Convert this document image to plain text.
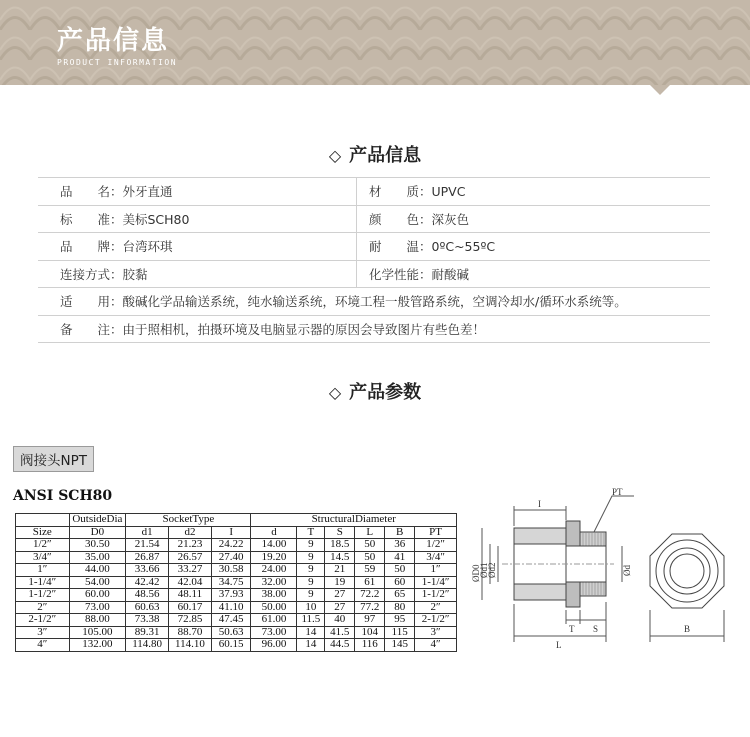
产品信息
PRODUCT INFORMATION
◇ 产品信息
品　　名：外牙直通	材　　质：UPVC
标　　准：美标SCH80	颜　　色：深灰色
品　　牌：台湾环琪	耐　　温：0ºC~55ºC
连接方式：胶黏	化学性能：耐酸碱
适　　用：酸碱化学品输送系统，纯水输送系统，环境工程一般管路系统，空调冷却水/循环水系统等。	
备　　注：由于照相机，拍摄环境及电脑显示器的原因会导致图片有些色差！	
◇ 产品参数
阀接头NPT
ANSI SCH80
	OutsideDia	SocketType			StructuralDiameter					
Size	D0	d1	d2	I	d	T	S	L	B	PT
1/2″	30.50	21.54	21.23	24.22	14.00	9	18.5	50	36	1/2″
3/4″	35.00	26.87	26.57	27.40	19.20	9	14.5	50	41	3/4″
1″	44.00	33.66	33.27	30.58	24.00	9	21	59	50	1″
1-1/4″	54.00	42.42	42.04	34.75	32.00	9	19	61	60	1-1/4″
1-1/2″	60.00	48.56	48.11	37.93	38.00	9	27	72.2	65	1-1/2″
2″	73.00	60.63	60.17	41.10	50.00	10	27	77.2	80	2″
2-1/2″	88.00	73.38	72.85	47.45	61.00	11.5	40	97	95	2-1/2″
3″	105.00	89.31	88.70	50.63	73.00	14	41.5	104	115	3″
4″	132.00	114.80	114.10	60.15	96.00	14	44.5	116	145	4″
PT
I
ØD0
Ød1
Ød2	Ød
T S
L
B
